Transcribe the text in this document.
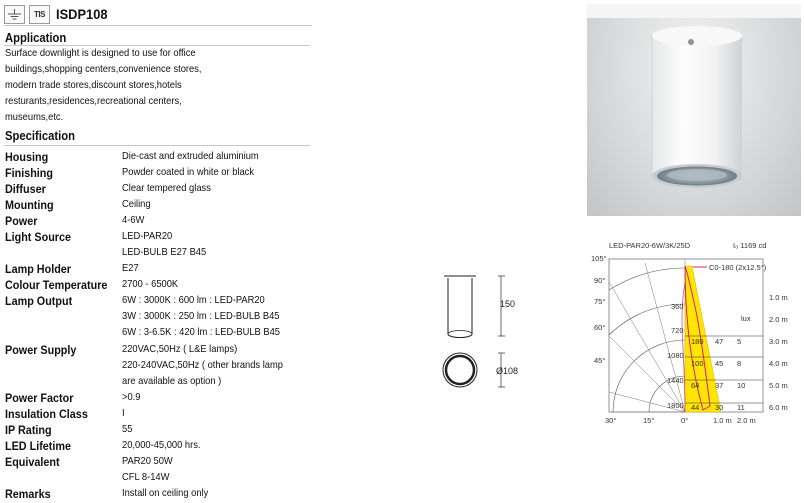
TIS ISDP108
Application
Surface downlight is designed to use for office
buildings,shopping centers,convenience stores,
modern trade stores,discount stores,hotels
resturants,residences,recreational centers,
museums,etc.
Specification
Housing	Die-cast and extruded aluminium
Finishing	Powder coated in white or black
Diffuser	Clear tempered glass
Mounting	Ceiling
Power	4-6W
Light Source	LED-PAR20
LED-BULB E27 B45
Lamp Holder	E27
Colour Temperature 2700 - 6500K
Lamp Output	6W : 3000K : 600 lm : LED-PAR20
3W : 3000K : 250 lm : LED-BULB B45
6W : 3-6.5K : 420 lm : LED-BULB B45
Power Supply	220VAC,50Hz ( L&E lamps)
220-240VAC,50Hz ( other brands lamp
are available as option )
Power Factor	>0.9
Insulation Class	I
IP Rating	55
LED Lifetime	20,000-45,000 hrs.
Equivalent	PAR20 50W
CFL 8-14W
Remarks	Install on ceiling only
150
Ø108
LED-PAR20-6W/3K/25D	I₀ 1169 cd
C0-180 (2x12.5°)
105°
90°
75°
60°
45°
30°	15°	0°
360
720
1080
1440
1800
lux
1.0 m
2.0 m
180 47 5	3.0 m
100 45 8	4.0 m
64 37 10	5.0 m
44 30 11	6.0 m
1.0 m 2.0 m
